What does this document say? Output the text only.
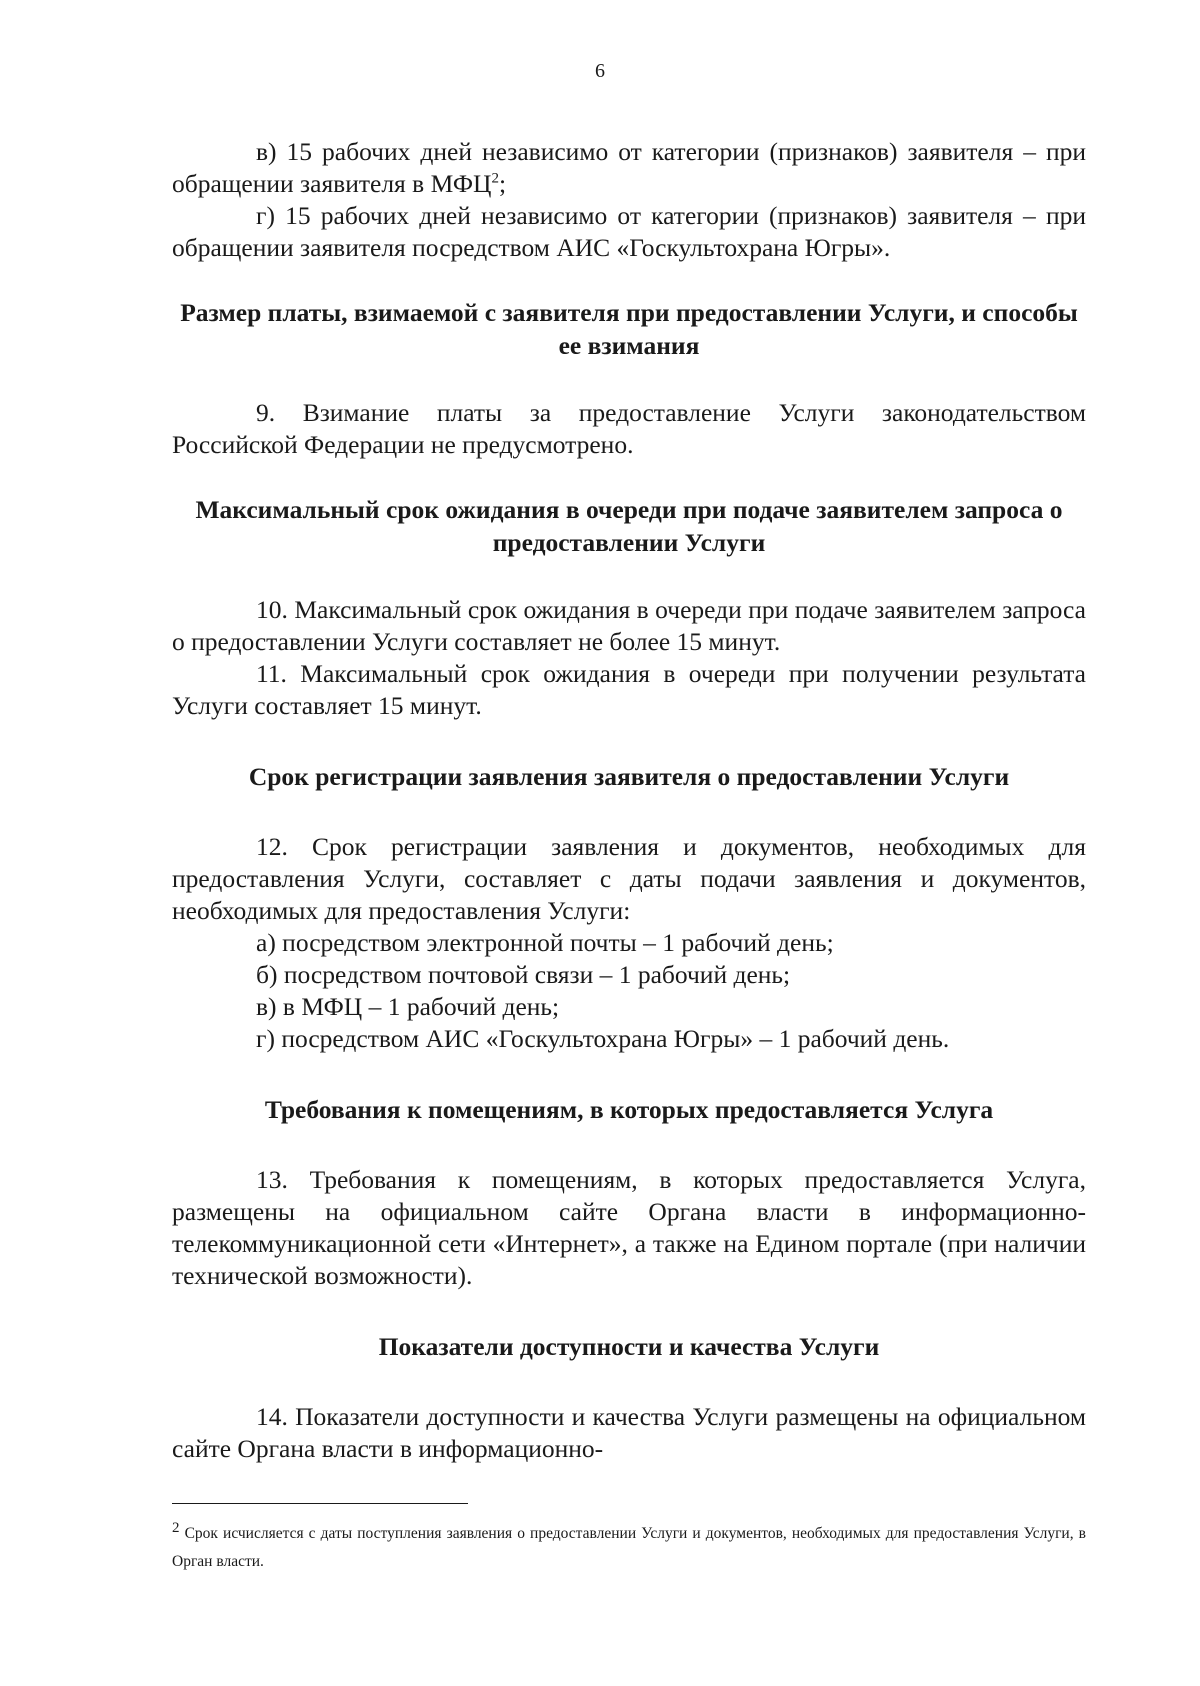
6

в) 15 рабочих дней независимо от категории (признаков) заявителя – при обращении заявителя в МФЦ$^2$;

г) 15 рабочих дней независимо от категории (признаков) заявителя – при обращении заявителя посредством АИС «Госкультохрана Югры».

Размер платы, взимаемой с заявителя при предоставлении Услуги, и способы ее взимания

9. Взимание платы за предоставление Услуги законодательством Российской Федерации не предусмотрено.

Максимальный срок ожидания в очереди при подаче заявителем запроса о предоставлении Услуги

10. Максимальный срок ожидания в очереди при подаче заявителем запроса о предоставлении Услуги составляет не более 15 минут.

11. Максимальный срок ожидания в очереди при получении результата Услуги составляет 15 минут.

Срок регистрации заявления заявителя о предоставлении Услуги

12. Срок регистрации заявления и документов, необходимых для предоставления Услуги, составляет с даты подачи заявления и документов, необходимых для предоставления Услуги:

а) посредством электронной почты – 1 рабочий день;

б) посредством почтовой связи – 1 рабочий день;

в) в МФЦ – 1 рабочий день;

г) посредством АИС «Госкультохрана Югры» – 1 рабочий день.

Требования к помещениям, в которых предоставляется Услуга

13. Требования к помещениям, в которых предоставляется Услуга, размещены на официальном сайте Органа власти в информационно-телекоммуникационной сети «Интернет», а также на Едином портале (при наличии технической возможности).

Показатели доступности и качества Услуги

14. Показатели доступности и качества Услуги размещены на официальном сайте Органа власти в информационно-

$^2$ Срок исчисляется с даты поступления заявления о предоставлении Услуги и документов, необходимых для предоставления Услуги, в Орган власти.
